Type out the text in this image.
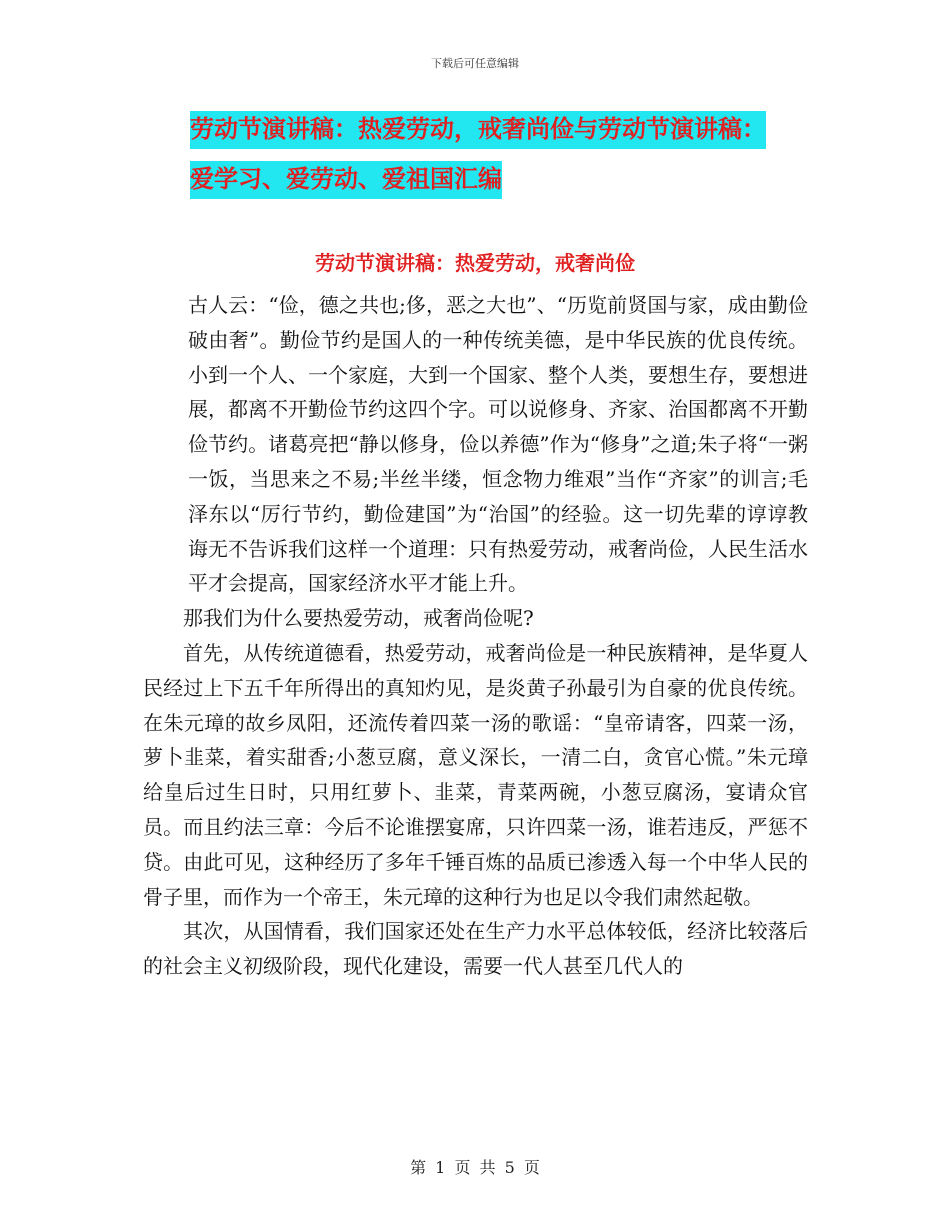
下载后可任意编辑
劳动节演讲稿：热爱劳动，戒奢尚俭与劳动节演讲稿：
爱学习、爱劳动、爱祖国汇编
劳动节演讲稿：热爱劳动，戒奢尚俭

古人云：“俭，德之共也;侈，恶之大也”、“历览前贤国与家，成由勤俭破由奢”。勤俭节约是国人的一种传统美德，是中华民族的优良传统。小到一个人、一个家庭，大到一个国家、整个人类，要想生存，要想进展，都离不开勤俭节约这四个字。可以说修身、齐家、治国都离不开勤俭节约。诸葛亮把“静以修身，俭以养德”作为“修身”之道;朱子将“一粥一饭，当思来之不易;半丝半缕，恒念物力维艰”当作“齐家”的训言;毛泽东以“厉行节约，勤俭建国”为“治国”的经验。这一切先辈的谆谆教诲无不告诉我们这样一个道理：只有热爱劳动，戒奢尚俭，人民生活水平才会提高，国家经济水平才能上升。

那我们为什么要热爱劳动，戒奢尚俭呢?

首先，从传统道德看，热爱劳动，戒奢尚俭是一种民族精神，是华夏人民经过上下五千年所得出的真知灼见，是炎黄子孙最引为自豪的优良传统。在朱元璋的故乡凤阳，还流传着四菜一汤的歌谣：“皇帝请客，四菜一汤，萝卜韭菜，着实甜香;小葱豆腐，意义深长，一清二白，贪官心慌。”朱元璋给皇后过生日时，只用红萝卜、韭菜，青菜两碗，小葱豆腐汤，宴请众官员。而且约法三章：今后不论谁摆宴席，只许四菜一汤，谁若违反，严惩不贷。由此可见，这种经历了多年千锤百炼的品质已渗透入每一个中华人民的骨子里，而作为一个帝王，朱元璋的这种行为也足以令我们肃然起敬。

其次，从国情看，我们国家还处在生产力水平总体较低，经济比较落后的社会主义初级阶段，现代化建设，需要一代人甚至几代人的

第 1 页 共 5 页
